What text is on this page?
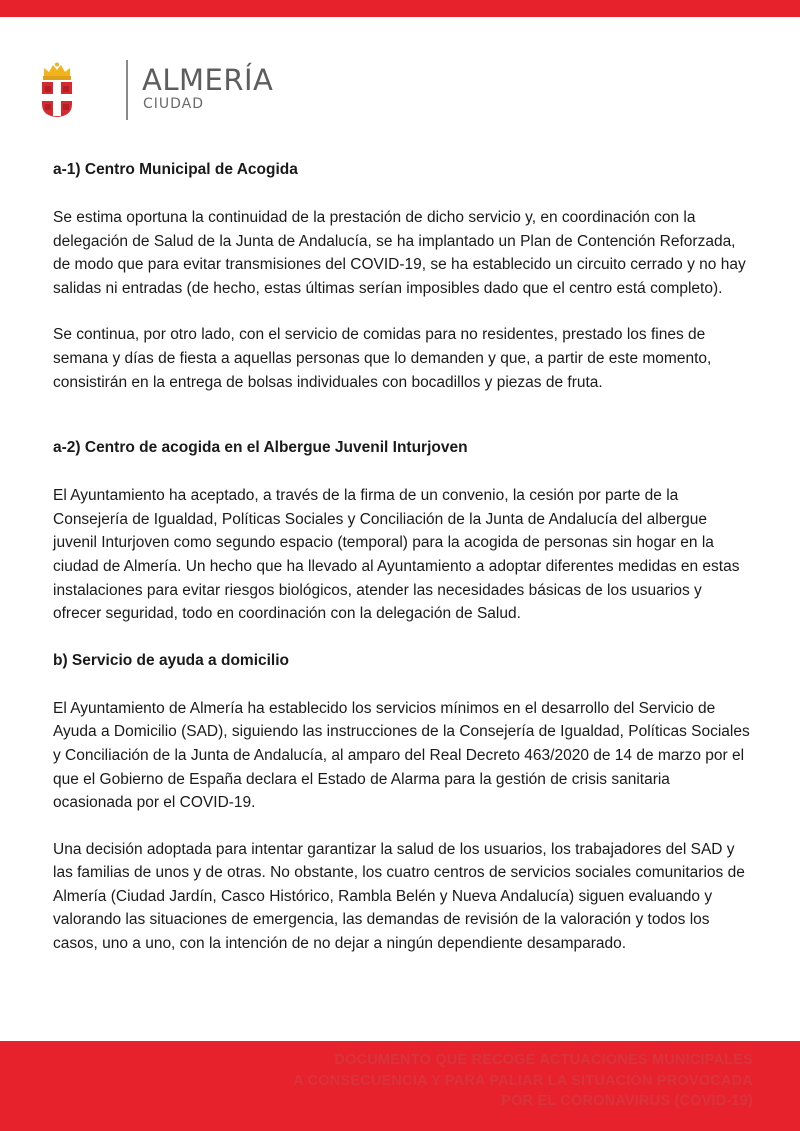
ALMERÍA
CIUDAD
a-1) Centro Municipal de Acogida

Se estima oportuna la continuidad de la prestación de dicho servicio y, en coordinación con la delegación de Salud de la Junta de Andalucía, se ha implantado un Plan de Contención Reforzada, de modo que para evitar transmisiones del COVID-19, se ha establecido un circuito cerrado y no hay salidas ni entradas (de hecho, estas últimas serían imposibles dado que el centro está completo).

Se continua, por otro lado, con el servicio de comidas para no residentes, prestado los fines de semana y días de fiesta a aquellas personas que lo demanden y que, a partir de este momento, consistirán en la entrega de bolsas individuales con bocadillos y piezas de fruta.

a-2) Centro de acogida en el Albergue Juvenil Inturjoven

El Ayuntamiento ha aceptado, a través de la firma de un convenio, la cesión por parte de la Consejería de Igualdad, Políticas Sociales y Conciliación de la Junta de Andalucía del albergue juvenil Inturjoven como segundo espacio (temporal) para la acogida de personas sin hogar en la ciudad de Almería. Un hecho que ha llevado al Ayuntamiento a adoptar diferentes medidas en estas instalaciones para evitar riesgos biológicos, atender las necesidades básicas de los usuarios y ofrecer seguridad, todo en coordinación con la delegación de Salud.

b) Servicio de ayuda a domicilio

El Ayuntamiento de Almería ha establecido los servicios mínimos en el desarrollo del Servicio de Ayuda a Domicilio (SAD), siguiendo las instrucciones de la Consejería de Igualdad, Políticas Sociales y Conciliación de la Junta de Andalucía, al amparo del Real Decreto 463/2020 de 14 de marzo por el que el Gobierno de España declara el Estado de Alarma para la gestión de crisis sanitaria ocasionada por el COVID-19.

Una decisión adoptada para intentar garantizar la salud de los usuarios, los trabajadores del SAD y las familias de unos y de otras. No obstante, los cuatro centros de servicios sociales comunitarios de Almería (Ciudad Jardín, Casco Histórico, Rambla Belén y Nueva Andalucía) siguen evaluando y valorando las situaciones de emergencia, las demandas de revisión de la valoración y todos los casos, uno a uno, con la intención de no dejar a ningún dependiente desamparado.

DOCUMENTO QUE RECOGE ACTUACIONES MUNICIPALES
A CONSECUENCIA Y PARA PALIAR LA SITUACIÓN PROVOCADA
POR EL CORONAVIRUS (COVID-19)
